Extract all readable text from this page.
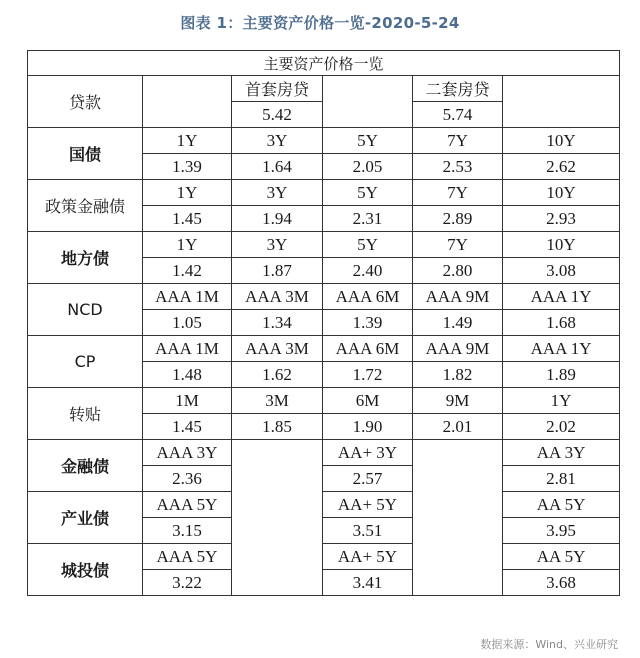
图表 1：主要资产价格一览-2020-5-24
主要资产价格一览					
贷款		首套房贷		二套房贷	
		5.42		5.74	
国债	1Y	3Y	5Y	7Y	10Y
	1.39	1.64	2.05	2.53	2.62
政策金融债	1Y	3Y	5Y	7Y	10Y
	1.45	1.94	2.31	2.89	2.93
地方债	1Y	3Y	5Y	7Y	10Y
	1.42	1.87	2.40	2.80	3.08
NCD	AAA 1M	AAA 3M	AAA 6M	AAA 9M	AAA 1Y
	1.05	1.34	1.39	1.49	1.68
CP	AAA 1M	AAA 3M	AAA 6M	AAA 9M	AAA 1Y
	1.48	1.62	1.72	1.82	1.89
转贴	1M	3M	6M	9M	1Y
	1.45	1.85	1.90	2.01	2.02
金融债	AAA 3Y		AA+ 3Y		AA 3Y
	2.36		2.57		2.81
产业债	AAA 5Y		AA+ 5Y		AA 5Y
	3.15		3.51		3.95
城投债	AAA 5Y		AA+ 5Y		AA 5Y
	3.22		3.41		3.68
数据来源：Wind、兴业研究
